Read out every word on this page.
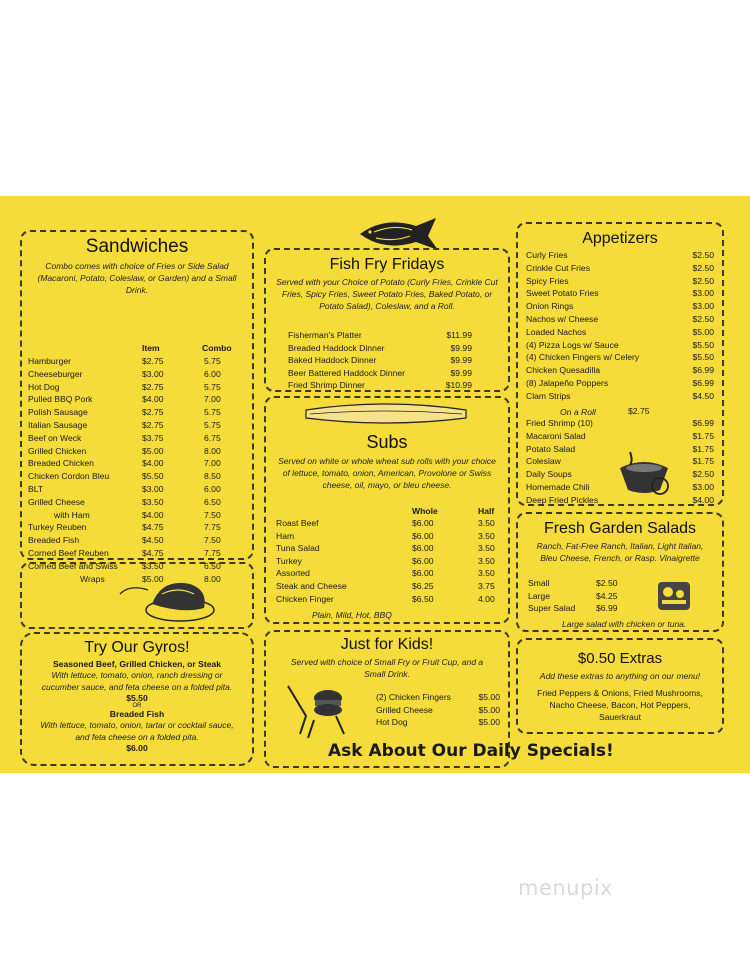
Sandwiches
Combo comes with choice of Fries or Side Salad (Macaroni, Potato, Coleslaw, or Garden) and a Small Drink.
Item	Combo
Hamburger	$2.75	5.75
Cheeseburger	$3.00	6.00
Hot Dog	$2.75	5.75
Pulled BBQ Pork	$4.00	7.00
Polish Sausage	$2.75	5.75
Italian Sausage	$2.75	5.75
Beef on Weck	$3.75	6.75
Grilled Chicken	$5.00	8.00
Breaded Chicken	$4.00	7.00
Chicken Cordon Bleu	$5.50	8.50
BLT	$3.00	6.00
Grilled Cheese	$3.50	6.50
with Ham	$4.00	7.50
Turkey Reuben	$4.75	7.75
Breaded Fish	$4.50	7.50
Corned Beef Reuben	$4.75	7.75
Corned Beef and Swiss	$3.50	6.50
Wraps	$5.00	8.00
Try Our Gyros!
Seasoned Beef, Grilled Chicken, or Steak
With lettuce, tomato, onion, ranch dressing or cucumber sauce, and feta cheese on a folded pita.
$5.50
OR
Breaded Fish
With lettuce, tomato, onion, tartar or cocktail sauce, and feta cheese on a folded pita.
$6.00
Fish Fry Fridays
Served with your Choice of Potato (Curly Fries, Crinkle Cut Fries, Spicy Fries, Sweet Potato Fries, Baked Potato, or Potato Salad), Coleslaw, and a Roll.
Fisherman's Platter	$11.99
Breaded Haddock Dinner	$9.99
Baked Haddock Dinner	$9.99
Beer Battered Haddock Dinner	$9.99
Fried Shrimp Dinner	$10.99
Subs
Served on white or whole wheat sub rolls with your choice of lettuce, tomato, onion, American, Provolone or Swiss cheese, oil, mayo, or bleu cheese.
Whole	Half
Roast Beef	$6.00	3.50
Ham	$6.00	3.50
Tuna Salad	$6.00	3.50
Turkey	$6.00	3.50
Assorted	$6.00	3.50
Steak and Cheese	$6.25	3.75
Chicken Finger	$6.50	4.00
Plain, Mild, Hot, BBQ
Just for Kids!
Served with choice of Small Fry or Fruit Cup, and a Small Drink.
(2) Chicken Fingers	$5.00
Grilled Cheese	$5.00
Hot Dog	$5.00
Appetizers
Curly Fries	$2.50
Crinkle Cut Fries	$2.50
Spicy Fries	$2.50
Sweet Potato Fries	$3.00
Onion Rings	$3.00
Nachos w/ Cheese	$2.50
Loaded Nachos	$5.00
(4) Pizza Logs w/ Sauce	$5.50
(4) Chicken Fingers w/ Celery	$5.50
Chicken Quesadilla	$6.99
(8) Jalapeño Poppers	$6.99
Clam Strips	$4.50
On a Roll	$2.75
Fried Shrimp (10)	$6.99
Macaroni Salad	$1.75
Potato Salad	$1.75
Coleslaw	$1.75
Daily Soups	$2.50
Homemade Chili	$3.00
Deep Fried Pickles	$4.00
Fresh Garden Salads
Ranch, Fat-Free Ranch, Italian, Light Italian, Bleu Cheese, French, or Rasp. Vinaigrette
Small	$2.50
Large	$4.25
Super Salad $6.99
Large salad with chicken or tuna.
$0.50 Extras
Add these extras to anything on our menu!
Fried Peppers & Onions, Fried Mushrooms, Nacho Cheese, Bacon, Hot Peppers, Sauerkraut
Ask About Our Daily Specials!
menupix
